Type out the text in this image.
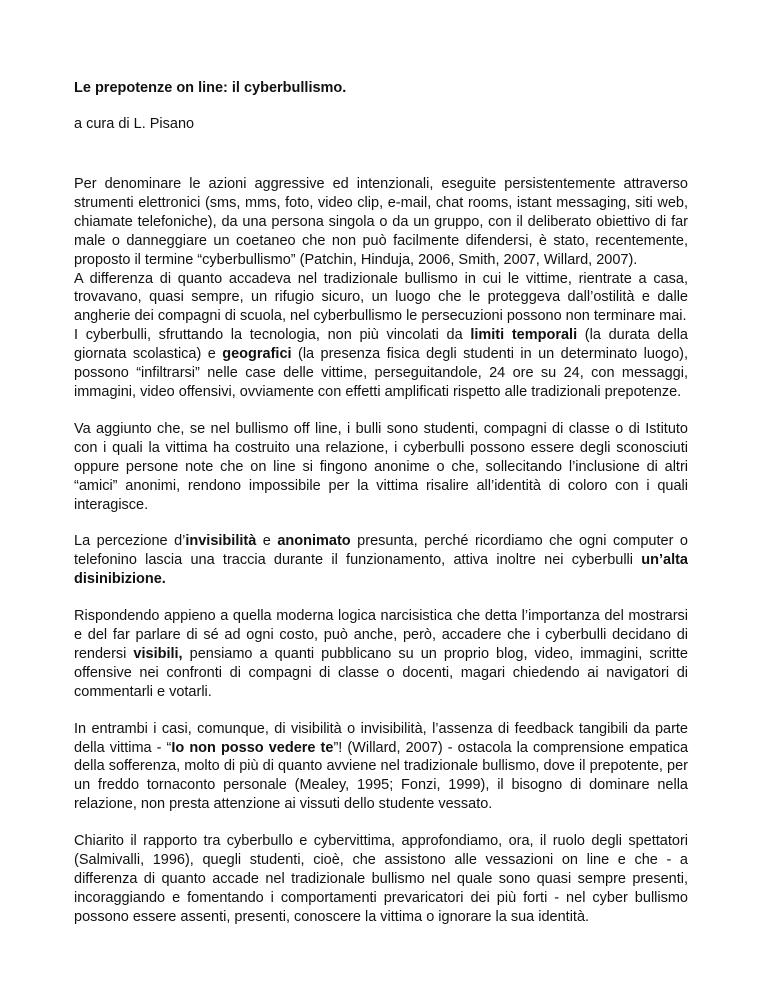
Le prepotenze on line: il cyberbullismo.
a cura di L. Pisano

Per denominare le azioni aggressive ed intenzionali, eseguite persistentemente attraverso strumenti elettronici (sms, mms, foto, video clip, e-mail, chat rooms, istant messaging, siti web, chiamate telefoniche), da una persona singola o da un gruppo, con il deliberato obiettivo di far male o danneggiare un coetaneo che non può facilmente difendersi, è stato, recentemente, proposto il termine “cyberbullismo” (Patchin, Hinduja, 2006, Smith, 2007, Willard, 2007).
A differenza di quanto accadeva nel tradizionale bullismo in cui le vittime, rientrate a casa, trovavano, quasi sempre, un rifugio sicuro, un luogo che le proteggeva dall’ostilità e dalle angherie dei compagni di scuola, nel cyberbullismo le persecuzioni possono non terminare mai.
I cyberbulli, sfruttando la tecnologia, non più vincolati da limiti temporali (la durata della giornata scolastica) e geografici (la presenza fisica degli studenti in un determinato luogo), possono “infiltrarsi” nelle case delle vittime, perseguitandole, 24 ore su 24, con messaggi, immagini, video offensivi, ovviamente con effetti amplificati rispetto alle tradizionali prepotenze.

Va aggiunto che, se nel bullismo off line, i bulli sono studenti, compagni di classe o di Istituto con i quali la vittima ha costruito una relazione, i cyberbulli possono essere degli sconosciuti oppure persone note che on line si fingono anonime o che, sollecitando l’inclusione di altri “amici” anonimi, rendono impossibile per la vittima risalire all’identità di coloro con i quali interagisce.

La percezione d’invisibilità e anonimato presunta, perché ricordiamo che ogni computer o telefonino lascia una traccia durante il funzionamento, attiva inoltre nei cyberbulli un’alta disinibizione.

Rispondendo appieno a quella moderna logica narcisistica che detta l’importanza del mostrarsi e del far parlare di sé ad ogni costo, può anche, però, accadere che i cyberbulli decidano di rendersi visibili, pensiamo a quanti pubblicano su un proprio blog, video, immagini, scritte offensive nei confronti di compagni di classe o docenti, magari chiedendo ai navigatori di commentarli e votarli.

In entrambi i casi, comunque, di visibilità o invisibilità, l’assenza di feedback tangibili da parte della vittima - “Io non posso vedere te”! (Willard, 2007) - ostacola la comprensione empatica della sofferenza, molto di più di quanto avviene nel tradizionale bullismo, dove il prepotente, per un freddo tornaconto personale (Mealey, 1995; Fonzi, 1999), il bisogno di dominare nella relazione, non presta attenzione ai vissuti dello studente vessato.

Chiarito il rapporto tra cyberbullo e cybervittima, approfondiamo, ora, il ruolo degli spettatori (Salmivalli, 1996), quegli studenti, cioè, che assistono alle vessazioni on line e che - a differenza di quanto accade nel tradizionale bullismo nel quale sono quasi sempre presenti, incoraggiando e fomentando i comportamenti prevaricatori dei più forti - nel cyber bullismo possono essere assenti, presenti, conoscere la vittima o ignorare la sua identità.
